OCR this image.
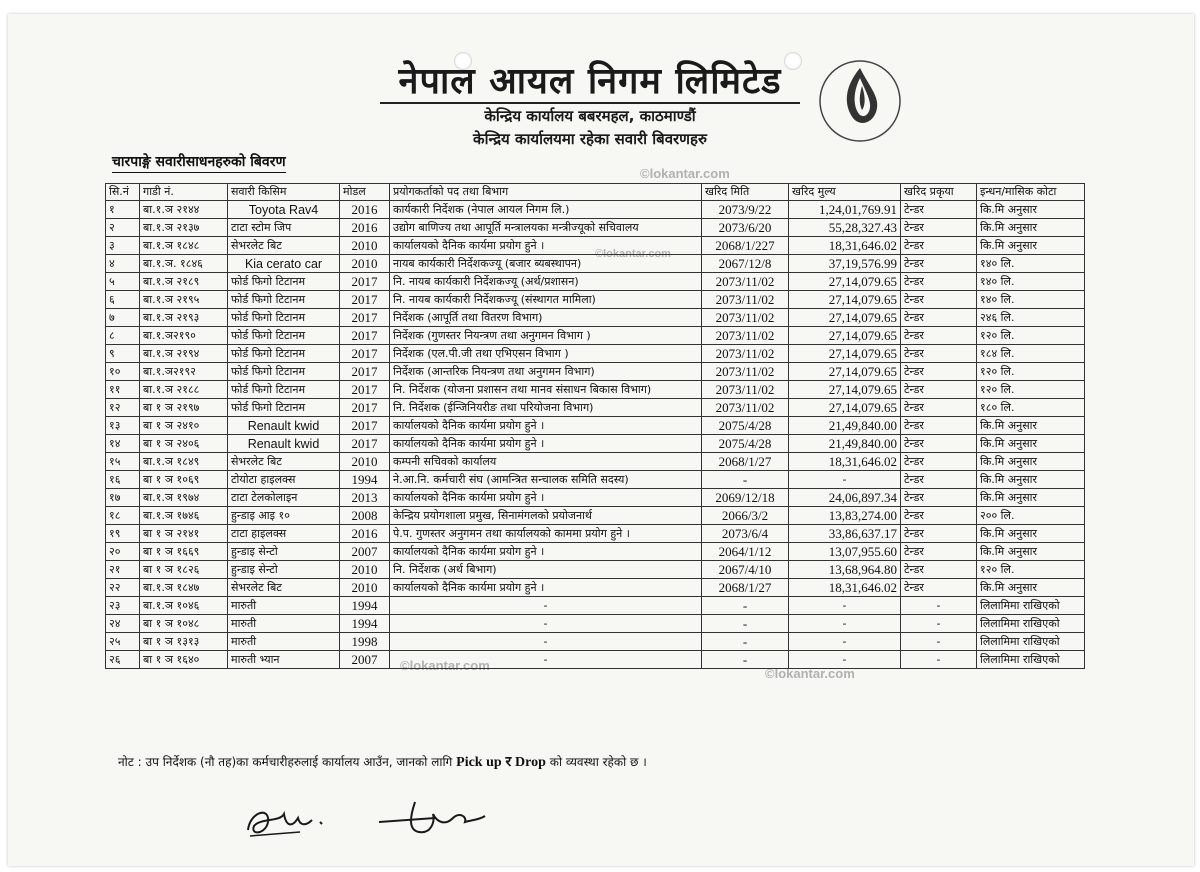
नेपाल आयल निगम लिमिटेड
केन्द्रिय कार्यालय बबरमहल, काठमाण्डौं
केन्द्रिय कार्यालयमा रहेका सवारी बिवरणहरु
चारपाङ्गे सवारीसाधनहरुको बिवरण
©lokantar.com
©lokantar.com
©lokantar.com
©lokantar.com
सि.नं	गाडी नं.	सवारी किसिम	मोडल	प्रयोगकर्ताको पद तथा बिभाग	खरिद मिति	खरिद मुल्य	खरिद प्रकृया	इन्धन/मासिक कोटा
१	बा.१.ञ २१४४	Toyota Rav4	2016	कार्यकारी निर्देशक (नेपाल आयल निगम लि.)	2073/9/22	1,24,01,769.91	टेन्डर	कि.मि अनुसार
२	बा.१.ञ २१३७	टाटा स्टोम जिप	2016	उद्योग बाणिज्य तथा आपूर्ति मन्त्रालयका मन्त्रीज्यूको सचिवालय	2073/6/20	55,28,327.43	टेन्डर	कि.मि अनुसार
३	बा.१.ञ १८४८	सेभरलेट बिट	2010	कार्यालयको दैनिक कार्यमा प्रयोग हुने ।	2068/1/227	18,31,646.02	टेन्डर	कि.मि अनुसार
४	बा.१.ञ. १८४६	Kia cerato car	2010	नायब कार्यकारी निर्देशकज्यू (बजार ब्यबस्थापन)	2067/12/8	37,19,576.99	टेन्डर	१४० लि.
५	बा.१.ञ २१८९	फोर्ड फिगो टिटानम	2017	नि. नायब कार्यकारी निर्देशकज्यू (अर्थ/प्रशासन)	2073/11/02	27,14,079.65	टेन्डर	१४० लि.
६	बा.१.ञ २१९५	फोर्ड फिगो टिटानम	2017	नि. नायब कार्यकारी निर्देशकज्यू (संस्थागत मामिला)	2073/11/02	27,14,079.65	टेन्डर	१४० लि.
७	बा.१.ञ २१९३	फोर्ड फिगो टिटानम	2017	निर्देशक (आपूर्ति तथा वितरण विभाग)	2073/11/02	27,14,079.65	टेन्डर	२४६ लि.
८	बा.१.ञ२१९०	फोर्ड फिगो टिटानम	2017	निर्देशक (गुणस्तर नियन्त्रण तथा अनुगमन विभाग )	2073/11/02	27,14,079.65	टेन्डर	१२० लि.
९	बा.१.ञ २१९४	फोर्ड फिगो टिटानम	2017	निर्देशक (एल.पी.जी तथा एभिएसन विभाग )	2073/11/02	27,14,079.65	टेन्डर	१८४ लि.
१०	बा.१.ञ२१९२	फोर्ड फिगो टिटानम	2017	निर्देशक (आन्तरिक नियन्त्रण तथा अनुगमन विभाग)	2073/11/02	27,14,079.65	टेन्डर	१२० लि.
११	बा.१.ञ २१८८	फोर्ड फिगो टिटानम	2017	नि. निर्देशक (योजना प्रशासन तथा मानव संसाधन बिकास विभाग)	2073/11/02	27,14,079.65	टेन्डर	१२० लि.
१२	बा १ ञ २१९७	फोर्ड फिगो टिटानम	2017	नि. निर्देशक (ईन्जिनियरीङ तथा परियोजना विभाग)	2073/11/02	27,14,079.65	टेन्डर	१८० लि.
१३	बा १ ञ २४१०	Renault kwid	2017	कार्यालयको दैनिक कार्यमा प्रयोग हुने ।	2075/4/28	21,49,840.00	टेन्डर	कि.मि अनुसार
१४	बा १ ञ २४०६	Renault kwid	2017	कार्यालयको दैनिक कार्यमा प्रयोग हुने ।	2075/4/28	21,49,840.00	टेन्डर	कि.मि अनुसार
१५	बा.१.ञ १८४९	सेभरलेट बिट	2010	कम्पनी सचिवको कार्यालय	2068/1/27	18,31,646.02	टेन्डर	कि.मि अनुसार
१६	बा १ ञ १०६९	टोयोटा हाइलक्स	1994	ने.आ.नि. कर्मचारी संघ (आमन्त्रित सन्चालक समिति सदस्य)	-	-	टेन्डर	कि.मि अनुसार
१७	बा.१.ञ १९७४	टाटा टेलकोलाइन	2013	कार्यालयको दैनिक कार्यमा प्रयोग हुने ।	2069/12/18	24,06,897.34	टेन्डर	कि.मि अनुसार
१८	बा.१.ञ १७४६	हुन्डाइ आइ १०	2008	केन्द्रिय प्रयोगशाला प्रमुख, सिनामंगलको प्रयोजनार्थ	2066/3/2	13,83,274.00	टेन्डर	२०० लि.
१९	बा १ ञ २१४१	टाटा हाइलक्स	2016	पे.प. गुणस्तर अनुगमन तथा कार्यालयको काममा प्रयोग हुने ।	2073/6/4	33,86,637.17	टेन्डर	कि.मि अनुसार
२०	बा १ ञ १६६९	हुन्डाइ सेन्टो	2007	कार्यालयको दैनिक कार्यमा प्रयोग हुने ।	2064/1/12	13,07,955.60	टेन्डर	कि.मि अनुसार
२१	बा १ ञ १८२६	हुन्डाइ सेन्टो	2010	नि. निर्देशक (अर्थ बिभाग)	2067/4/10	13,68,964.80	टेन्डर	१२० लि.
२२	बा.१.ञ १८४७	सेभरलेट बिट	2010	कार्यालयको दैनिक कार्यमा प्रयोग हुने ।	2068/1/27	18,31,646.02	टेन्डर	कि.मि अनुसार
२३	बा.१.ञ १०४६	मारुती	1994	-	-	-	-	लिलामिमा राखिएको
२४	बा १ ञ १०४८	मारुती	1994	-	-	-	-	लिलामिमा राखिएको
२५	बा १ ञ १३१३	मारुती	1998	-	-	-	-	लिलामिमा राखिएको
२६	बा १ ञ १६४०	मारुती भ्यान	2007	-	-	-	-	लिलामिमा राखिएको
नोट : उप निर्देशक (नौ तह)का कर्मचारीहरुलाई कार्यालय आउँन, जानको लागि Pick up र Drop को व्यवस्था रहेको छ ।
